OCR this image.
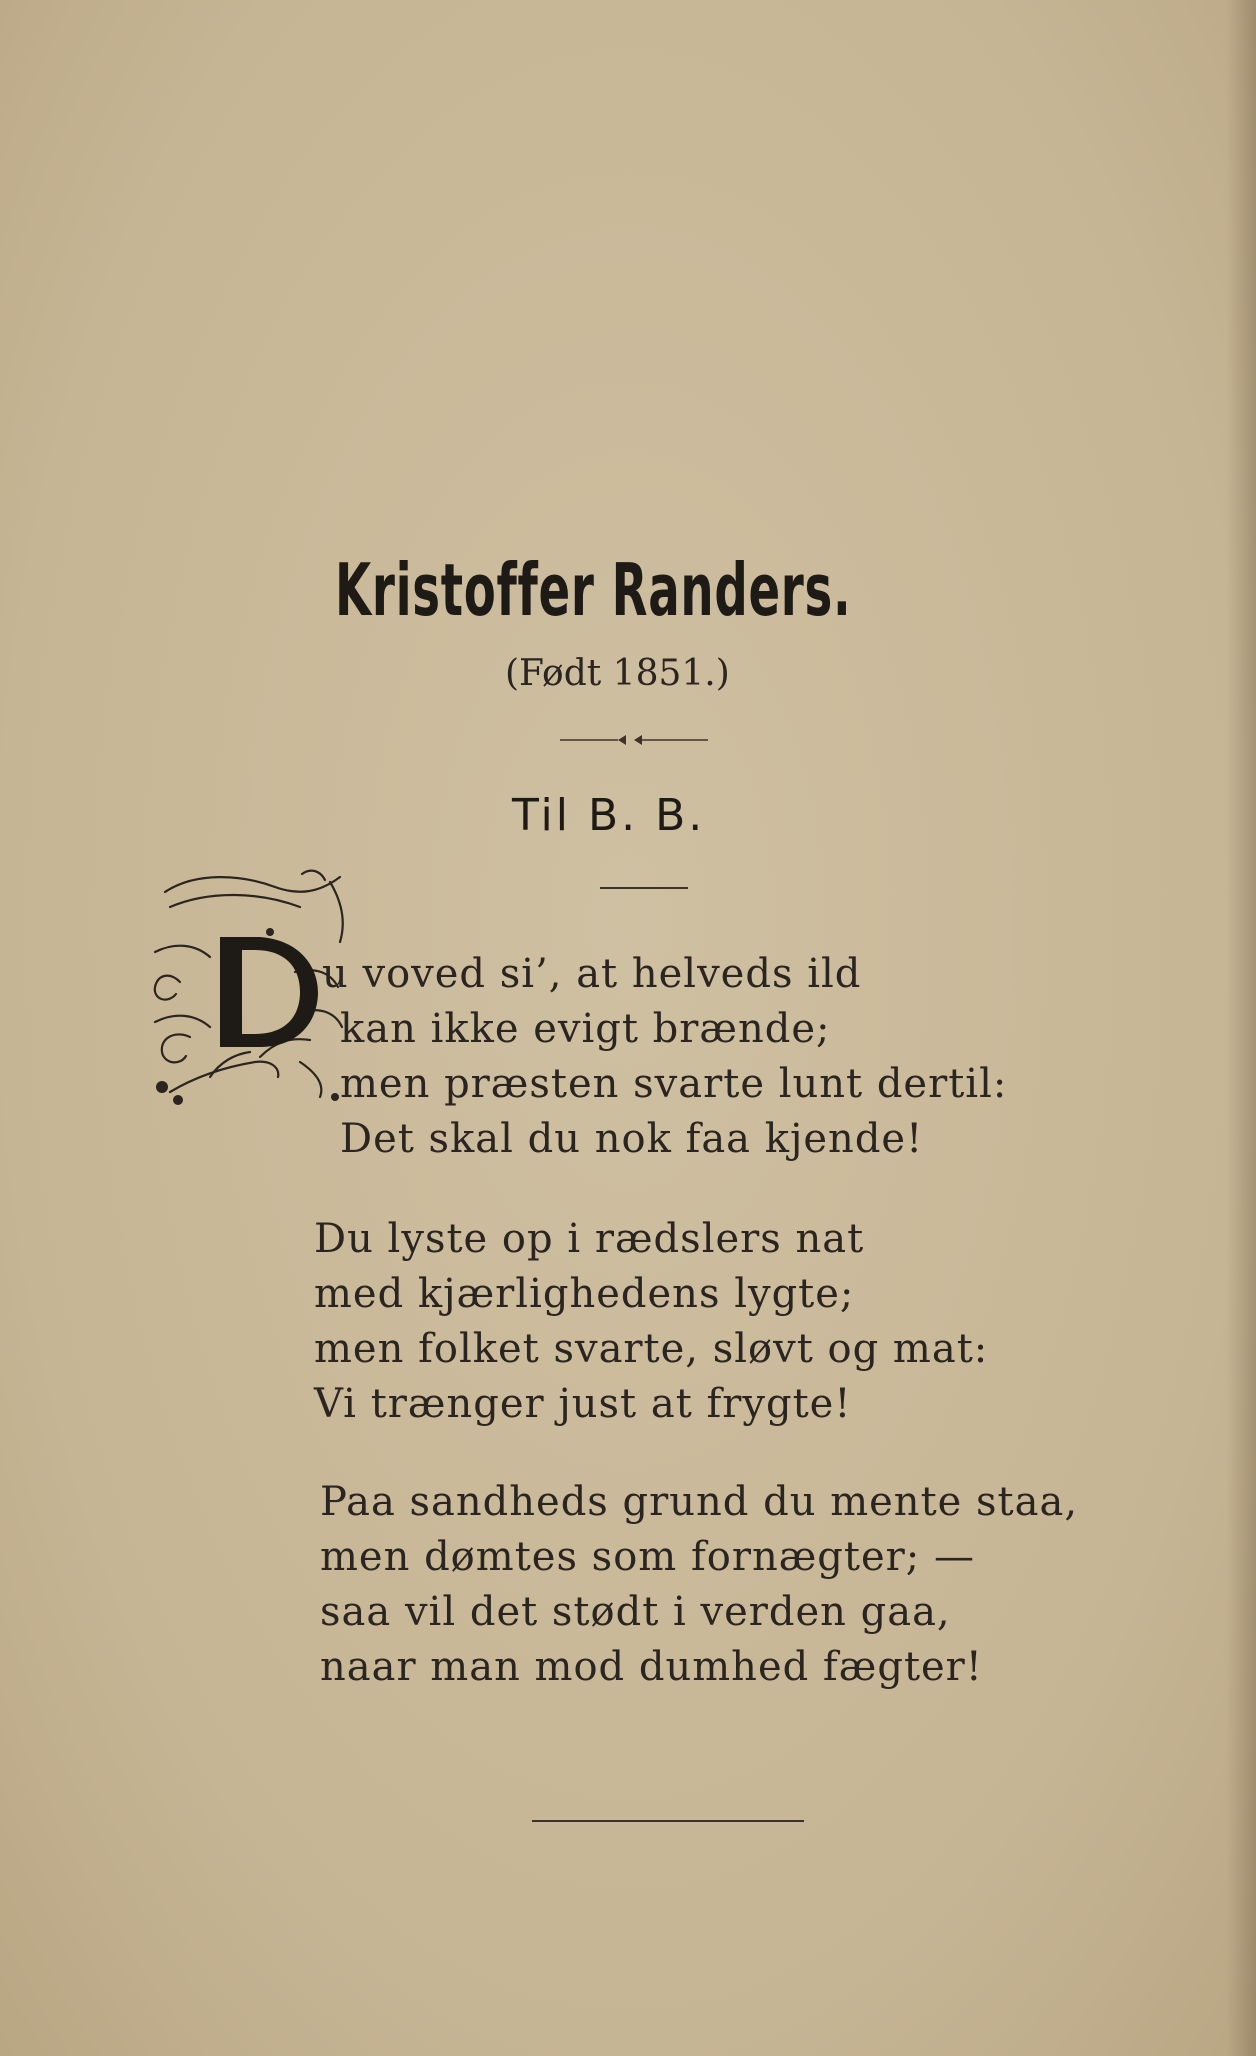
Kristoffer Randers.
(Født 1851.)
Til B. B.
u voved si’, at helveds ild
kan ikke evigt brænde;
men præsten svarte lunt dertil:
Det skal du nok faa kjende!
Du lyste op i rædslers nat
med kjærlighedens lygte;
men folket svarte, sløvt og mat:
Vi trænger just at frygte!
Paa sandheds grund du mente staa,
men dømtes som fornægter; —
saa vil det stødt i verden gaa,
naar man mod dumhed fægter!
